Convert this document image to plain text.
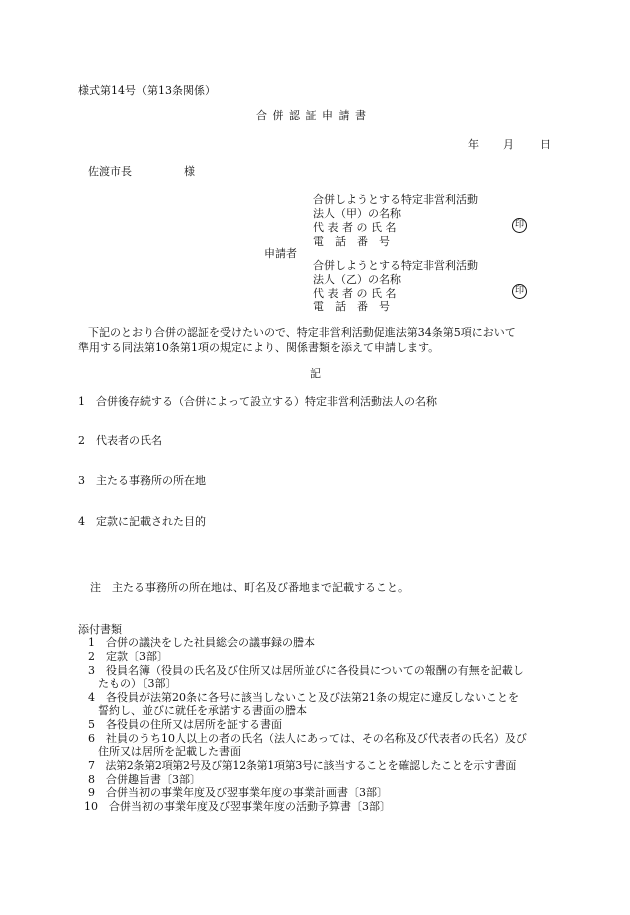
様式第14号（第13条関係）
合 併 認 証 申 請 書
年 月 日
佐渡市長	様
合併しようとする特定非営利活動
法人（甲）の名称
代 表 者 の 氏 名	印
電　話　番　号
申請者
合併しようとする特定非営利活動
法人（乙）の名称
代 表 者 の 氏 名	印
電　話　番　号
下記のとおり合併の認証を受けたいので、特定非営利活動促進法第34条第5項において
準用する同法第10条第1項の規定により、関係書類を添えて申請します。
記
1　合併後存続する（合併によって設立する）特定非営利活動法人の名称
2　代表者の氏名
3　主たる事務所の所在地
4　定款に記載された目的
注　主たる事務所の所在地は、町名及び番地まで記載すること。
添付書類
1　合併の議決をした社員総会の議事録の謄本
2　定款〔3部〕
3　役員名簿（役員の氏名及び住所又は居所並びに各役員についての報酬の有無を記載し
たもの）〔3部〕
4　各役員が法第20条に各号に該当しないこと及び法第21条の規定に違反しないことを
誓約し、並びに就任を承諾する書面の謄本
5　各役員の住所又は居所を証する書面
6　社員のうち10人以上の者の氏名（法人にあっては、その名称及び代表者の氏名）及び
住所又は居所を記載した書面
7　法第2条第2項第2号及び第12条第1項第3号に該当することを確認したことを示す書面
8　合併趣旨書〔3部〕
9　合併当初の事業年度及び翌事業年度の事業計画書〔3部〕
10　合併当初の事業年度及び翌事業年度の活動予算書〔3部〕
